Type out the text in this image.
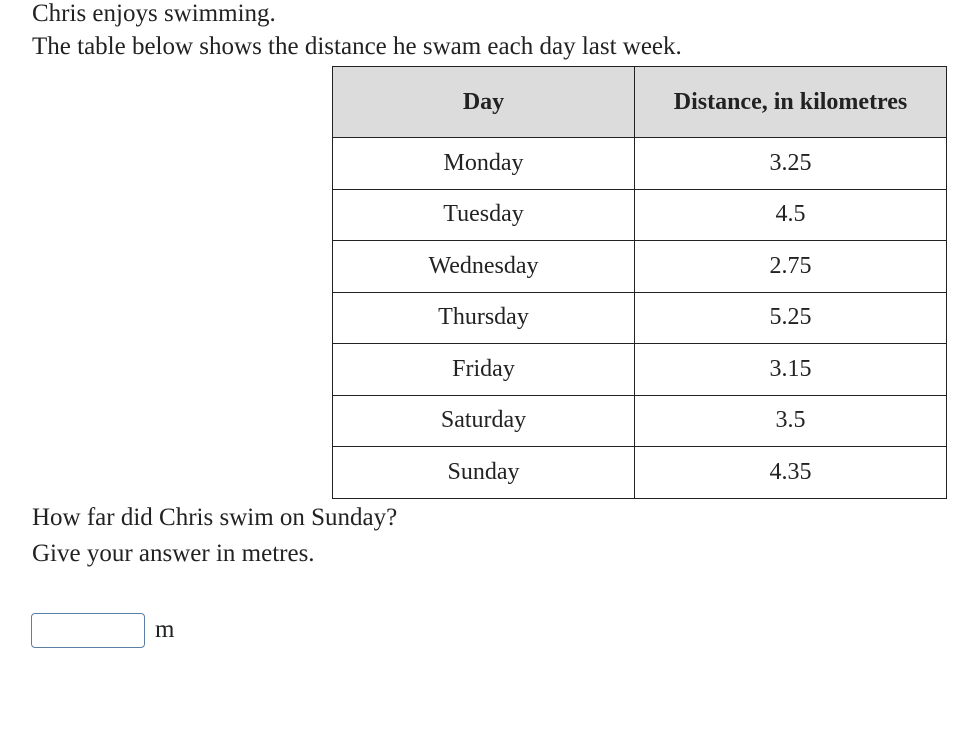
Chris enjoys swimming.
The table below shows the distance he swam each day last week.
Day	Distance, in kilometres
Monday	3.25
Tuesday	4.5
Wednesday	2.75
Thursday	5.25
Friday	3.15
Saturday	3.5
Sunday	4.35
How far did Chris swim on Sunday?
Give your answer in metres.
m
